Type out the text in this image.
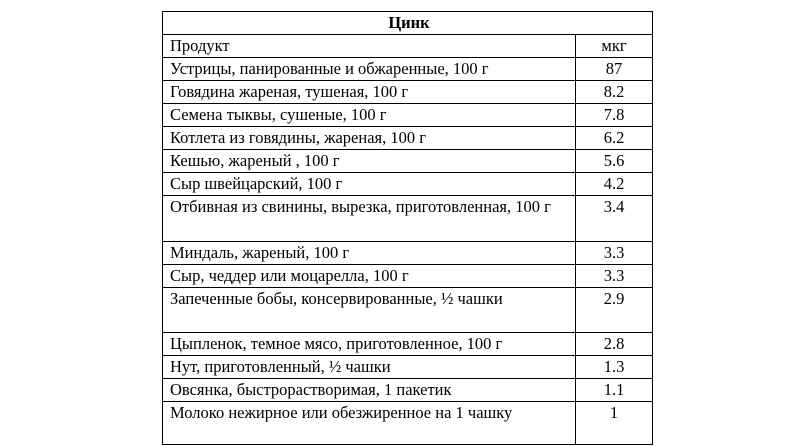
Цинк	
Продукт	мкг
Устрицы, панированные и обжаренные, 100 г	87
Говядина жареная, тушеная, 100 г	8.2
Семена тыквы, сушеные, 100 г	7.8
Котлета из говядины, жареная, 100 г	6.2
Кешью, жареный , 100 г	5.6
Сыр швейцарский, 100 г	4.2
Отбивная из свинины, вырезка, приготовленная, 100 г	3.4
Миндаль, жареный, 100 г	3.3
Сыр, чеддер или моцарелла, 100 г	3.3
Запеченные бобы, консервированные, ½ чашки	2.9
Цыпленок, темное мясо, приготовленное, 100 г	2.8
Нут, приготовленный, ½ чашки	1.3
Овсянка, быстрорастворимая, 1 пакетик	1.1
Молоко нежирное или обезжиренное на 1 чашку	1
